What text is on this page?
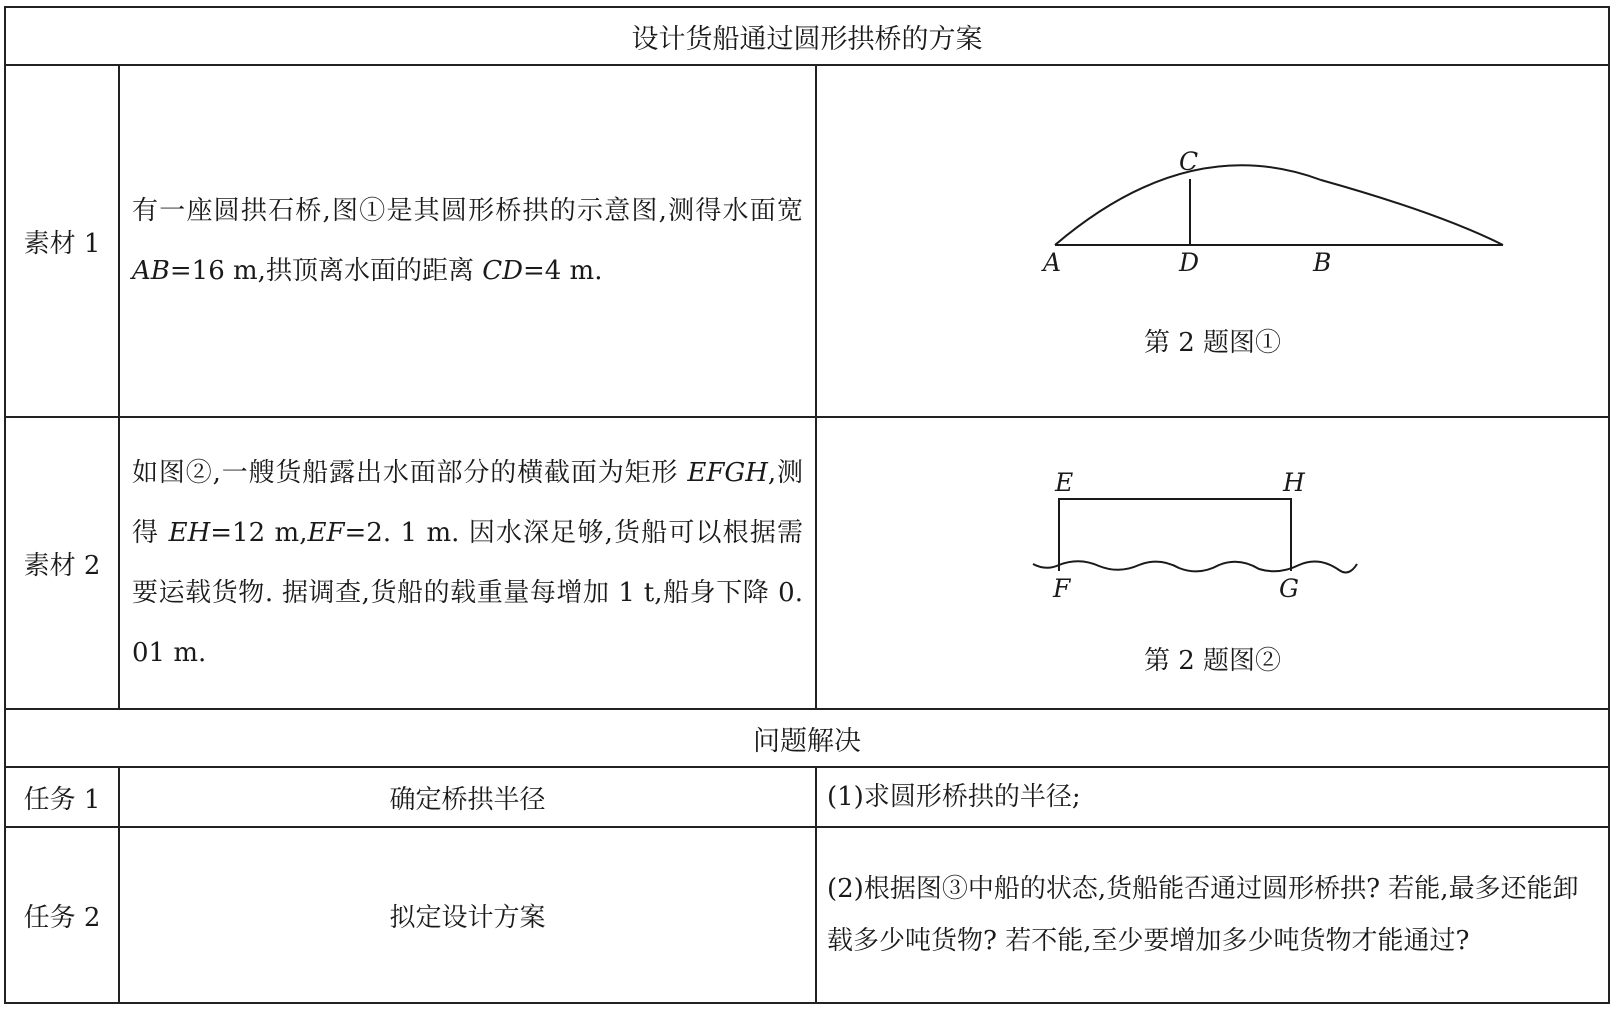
设计货船通过圆形拱桥的方案		
素材 1	有一座圆拱石桥,图①是其圆形桥拱的示意图,测得水面宽 AB=16 m,拱顶离水面的距离 CD=4 m.	C
A D B
第 2 题图①

素材 2	如图②,一艘货船露出水面部分的横截面为矩形 EFGH,测得 EH=12 m,EF=2. 1 m. 因水深足够,货船可以根据需要运载货物. 据调查,货船的载重量每增加 1 t,船身下降 0. 01 m.	E H
F G
第 2 题图②

问题解决		
任务 1	确定桥拱半径	(1)求圆形桥拱的半径;
任务 2	拟定设计方案	(2)根据图③中船的状态,货船能否通过圆形桥拱? 若能,最多还能卸载多少吨货物? 若不能,至少要增加多少吨货物才能通过?
